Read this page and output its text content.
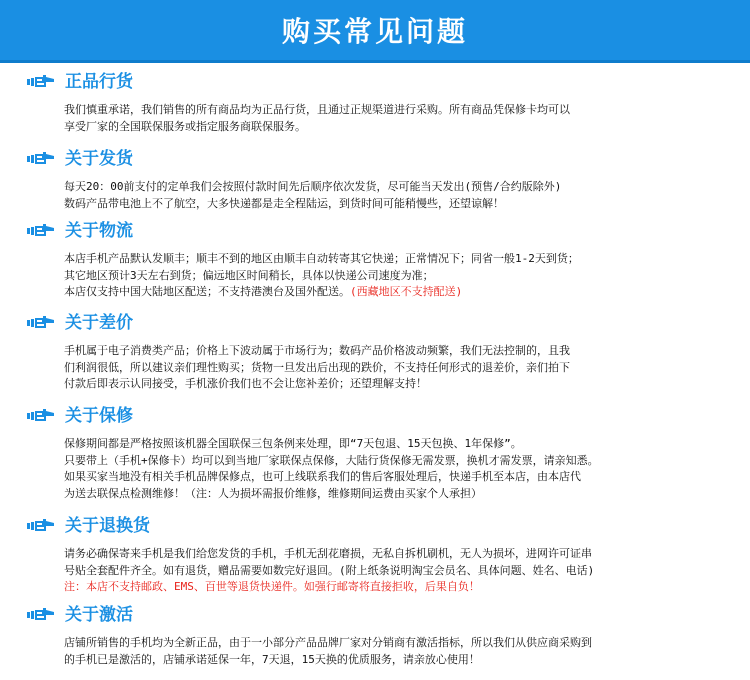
购买常见问题
正品行货
我们慎重承诺，我们销售的所有商品均为正品行货，且通过正规渠道进行采购。所有商品凭保修卡均可以
享受厂家的全国联保服务或指定服务商联保服务。
关于发货
每天20：00前支付的定单我们会按照付款时间先后顺序依次发货，尽可能当天发出(预售/合约版除外)
数码产品带电池上不了航空，大多快递都是走全程陆运，到货时间可能稍慢些，还望谅解！
关于物流
本店手机产品默认发顺丰；顺丰不到的地区由顺丰自动转寄其它快递；正常情况下；同省一般1-2天到货；
其它地区预计3天左右到货；偏远地区时间稍长，具体以快递公司速度为准；
本店仅支持中国大陆地区配送；不支持港澳台及国外配送。(西藏地区不支持配送)
关于差价
手机属于电子消费类产品；价格上下波动属于市场行为；数码产品价格波动频繁，我们无法控制的，且我
们利润很低，所以建议亲们理性购买；货物一旦发出后出现的跌价，不支持任何形式的退差价，亲们拍下
付款后即表示认同接受，手机涨价我们也不会让您补差价；还望理解支持！
关于保修
保修期间都是严格按照该机器全国联保三包条例来处理，即“7天包退、15天包换、1年保修”。
只要带上（手机+保修卡）均可以到当地厂家联保点保修，大陆行货保修无需发票，换机才需发票，请亲知悉。
如果买家当地没有相关手机品牌保修点，也可上线联系我们的售后客服处理后，快递手机至本店，由本店代
为送去联保点检测维修！（注：人为损坏需报价维修，维修期间运费由买家个人承担）
关于退换货
请务必确保寄来手机是我们给您发货的手机，手机无刮花磨损，无私自拆机刷机，无人为损坏，进网许可证串
号贴全套配件齐全。如有退货，赠品需要如数完好退回。(附上纸条说明淘宝会员名、具体问题、姓名、电话)
注：本店不支持邮政、EMS、百世等退货快递件。如强行邮寄将直接拒收，后果自负！
关于激活
店铺所销售的手机均为全新正品，由于一小部分产品品牌厂家对分销商有激活指标，所以我们从供应商采购到
的手机已是激活的，店铺承诺延保一年，7天退，15天换的优质服务，请亲放心使用！
